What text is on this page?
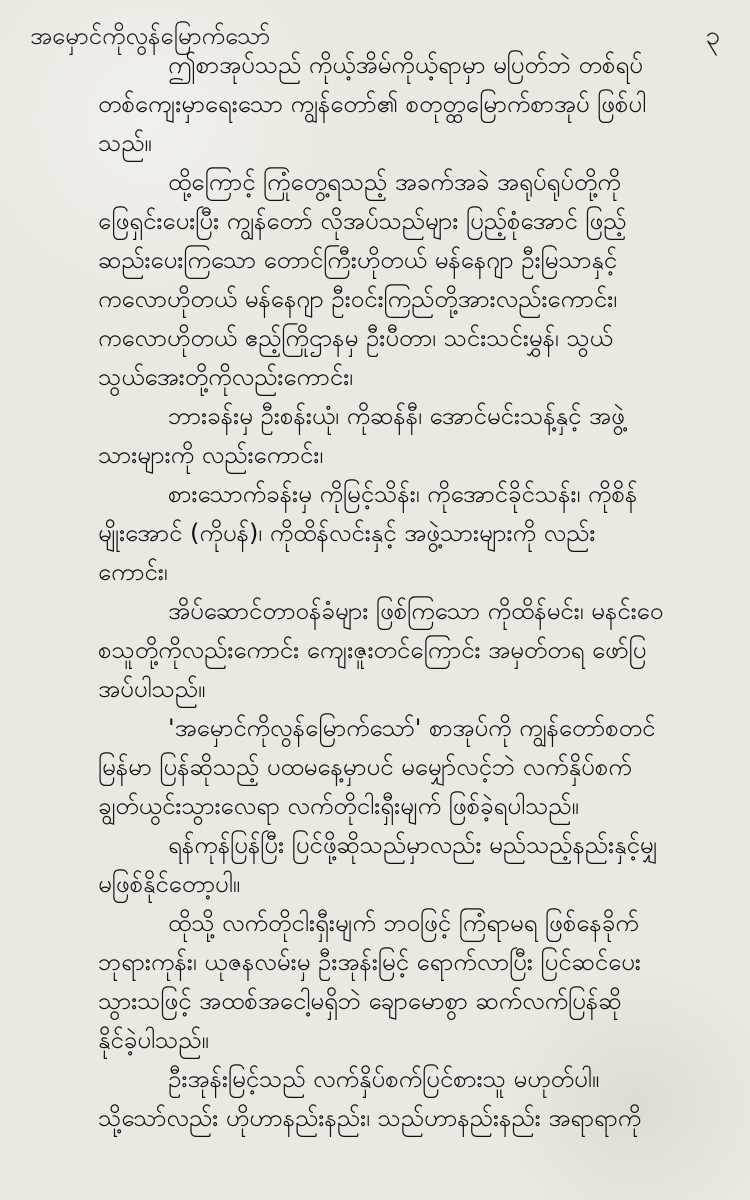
အမှောင်ကိုလွန်မြောက်သော်	၃
ဤစာအုပ်သည် ကိုယ့်အိမ်ကိုယ့်ရာမှာ မပြတ်ဘဲ တစ်ရပ်
တစ်ကျေးမှာရေးသော ကျွန်တော်၏ စတုတ္ထမြောက်စာအုပ် ဖြစ်ပါ
သည်။
ထို့ကြောင့် ကြုံတွေ့ရသည့် အခက်အခဲ အရုပ်ရုပ်တို့ကို
ဖြေရှင်းပေးပြီး ကျွန်တော် လိုအပ်သည်များ ပြည့်စုံအောင် ဖြည့်
ဆည်းပေးကြသော တောင်ကြီးဟိုတယ် မန်နေဂျာ ဦးမြသာနှင့်
ကလောဟိုတယ် မန်နေဂျာ ဦးဝင်းကြည်တို့အားလည်းကောင်း၊
ကလောဟိုတယ် ဧည့်ကြိုဌာနမှ ဦးပီတာ၊ သင်းသင်းမွှန်၊ သွယ်
သွယ်အေးတို့ကိုလည်းကောင်း၊
ဘားခန်းမှ ဦးစန်းယုံ၊ ကိုဆန်နီ၊ အောင်မင်းသန့်နှင့် အဖွဲ့
သားများကို လည်းကောင်း၊
စားသောက်ခန်းမှ ကိုမြင့်သိန်း၊ ကိုအောင်ခိုင်သန်း၊ ကိုစိန်
မျိုးအောင် (ကိုပန်)၊ ကိုထိန်လင်းနှင့် အဖွဲ့သားများကို လည်း
ကောင်း၊
အိပ်ဆောင်တာဝန်ခံများ ဖြစ်ကြသော ကိုထိန်မင်း၊ မနင်းဝေ
စသူတို့ကိုလည်းကောင်း ကျေးဇူးတင်ကြောင်း အမှတ်တရ ဖော်ပြ
အပ်ပါသည်။
'အမှောင်ကိုလွန်မြောက်သော်' စာအုပ်ကို ကျွန်တော်စတင်
မြန်မာ ပြန်ဆိုသည့် ပထမနေ့မှာပင် မမျှော်လင့်ဘဲ လက်နှိပ်စက်
ချွတ်ယွင်းသွားလေရာ လက်တိုငါးရှီးမျက် ဖြစ်ခဲ့ရပါသည်။
ရန်ကုန်ပြန်ပြီး ပြင်ဖို့ဆိုသည်မှာလည်း မည်သည့်နည်းနှင့်မျှ
မဖြစ်နိုင်တော့ပါ။
ထိုသို့ လက်တိုငါးရှီးမျက် ဘဝဖြင့် ကြံရာမရ ဖြစ်နေခိုက်
ဘုရားကုန်း၊ ယုဇနလမ်းမှ ဦးအုန်းမြင့် ရောက်လာပြီး ပြင်ဆင်ပေး
သွားသဖြင့် အထစ်အငေါ့မရှိဘဲ ချောမောစွာ ဆက်လက်ပြန်ဆို
နိုင်ခဲ့ပါသည်။
ဦးအုန်းမြင့်သည် လက်နှိပ်စက်ပြင်စားသူ မဟုတ်ပါ။
သို့သော်လည်း ဟိုဟာနည်းနည်း၊ သည်ဟာနည်းနည်း အရာရာကို
